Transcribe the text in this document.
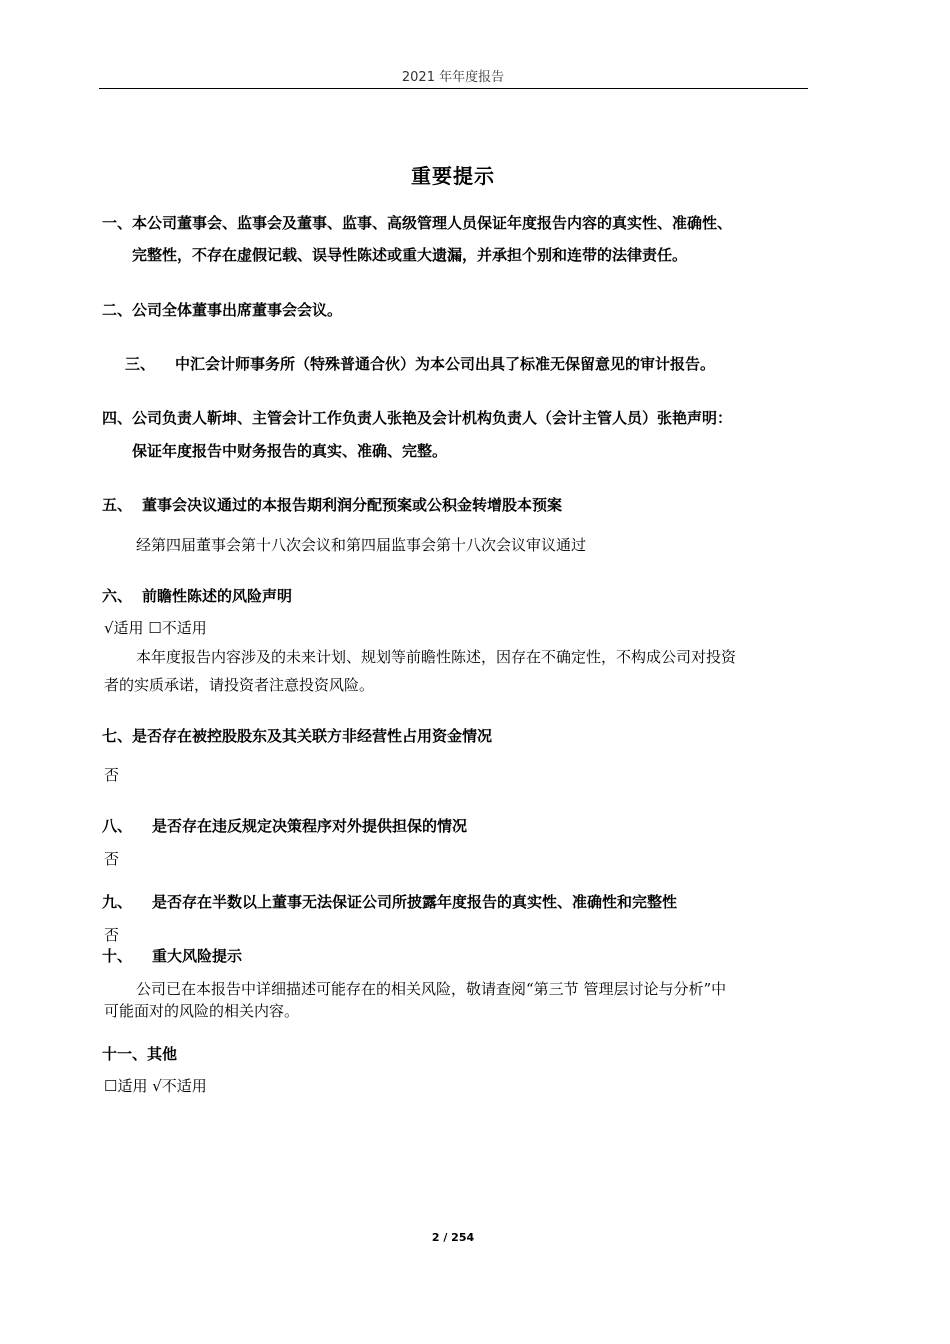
2021 年年度报告
重要提示
一、本公司董事会、监事会及董事、监事、高级管理人员保证年度报告内容的真实性、准确性、
完整性，不存在虚假记载、误导性陈述或重大遗漏，并承担个别和连带的法律责任。
二、公司全体董事出席董事会会议。
三、 中汇会计师事务所（特殊普通合伙）为本公司出具了标准无保留意见的审计报告。
四、公司负责人靳坤、主管会计工作负责人张艳及会计机构负责人（会计主管人员）张艳声明：
保证年度报告中财务报告的真实、准确、完整。
五、 董事会决议通过的本报告期利润分配预案或公积金转增股本预案
经第四届董事会第十八次会议和第四届监事会第十八次会议审议通过
六、 前瞻性陈述的风险声明
√适用 ☐不适用
本年度报告内容涉及的未来计划、规划等前瞻性陈述，因存在不确定性，不构成公司对投资
者的实质承诺，请投资者注意投资风险。
七、是否存在被控股股东及其关联方非经营性占用资金情况
否
八、 是否存在违反规定决策程序对外提供担保的情况
否
九、 是否存在半数以上董事无法保证公司所披露年度报告的真实性、准确性和完整性
否
十、 重大风险提示
公司已在本报告中详细描述可能存在的相关风险，敬请查阅“第三节 管理层讨论与分析”中
可能面对的风险的相关内容。
十一、其他
☐适用 √不适用
2 / 254
